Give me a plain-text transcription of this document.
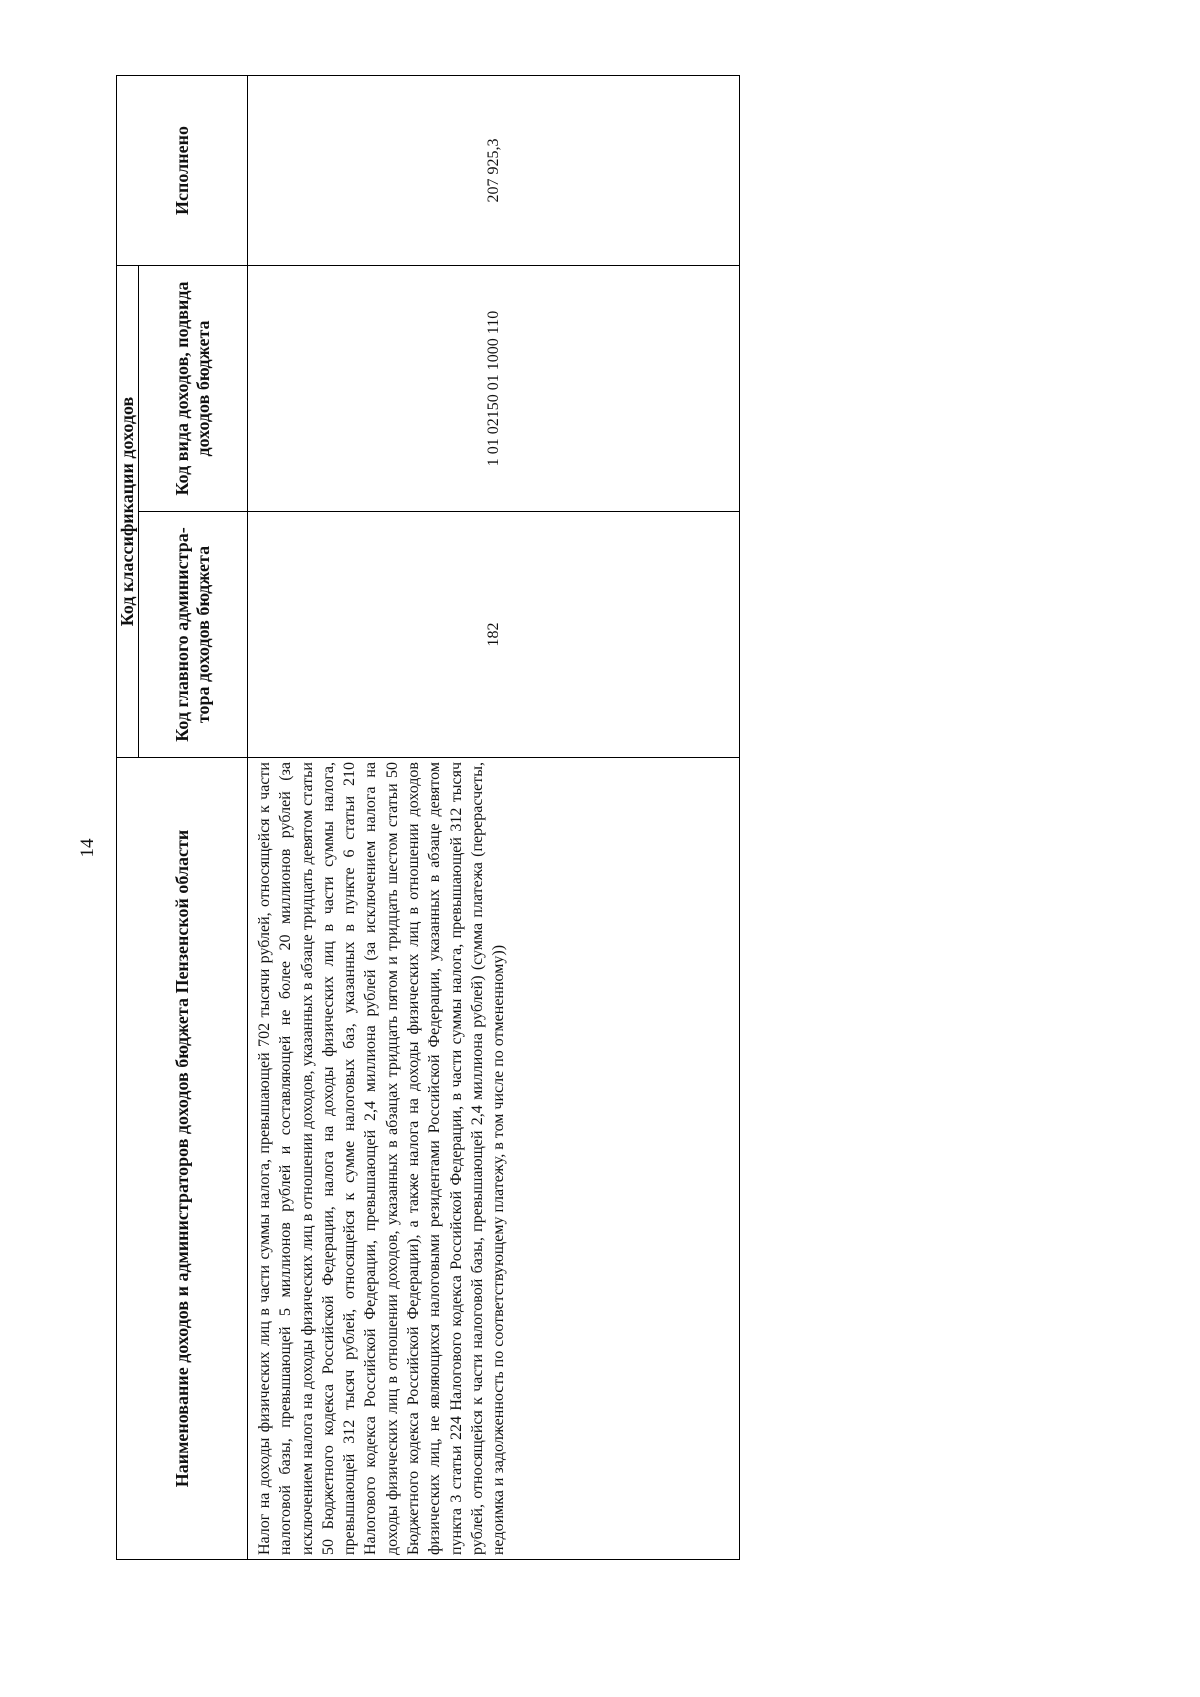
14	Наименование доходов и администраторов доходов бюджета Пензенской области	Код классификации доходов		Исполнено
	Код главного администра-тора доходов бюджета	Код вида доходов, подвида доходов бюджета	
Налог на доходы физических лиц в части суммы налога, превышающей 702 тысячи рублей, относящейся к части налоговой базы, превышающей 5 миллионов рублей и составляющей не более 20 миллионов рублей (за исключением налога на доходы физических лиц в отношении доходов, указанных в абзаце тридцать девятом статьи 50 Бюджетного кодекса Российской Федерации, налога на доходы физических лиц в части суммы налога, превышающей 312 тысяч рублей, относящейся к сумме налоговых баз, указанных в пункте 6 статьи 210 Налогового кодекса Российской Федерации, превышающей 2,4 миллиона рублей (за исключением налога на доходы физических лиц в отношении доходов, указанных в абзацах тридцать пятом и тридцать шестом статьи 50 Бюджетного кодекса Российской Федерации), а также налога на доходы физических лиц в отношении доходов физических лиц, не являющихся налоговыми резидентами Российской Федерации, указанных в абзаце девятом пункта 3 статьи 224 Налогового кодекса Российской Федерации, в части суммы налога, превышающей 312 тысяч рублей, относящейся к части налоговой базы, превышающей 2,4 миллиона рублей) (сумма платежа (перерасчеты, недоимка и задолженность по соответствующему платежу, в том числе по отмененному))	182	1 01 02150 01 1000 110	207 925,3
